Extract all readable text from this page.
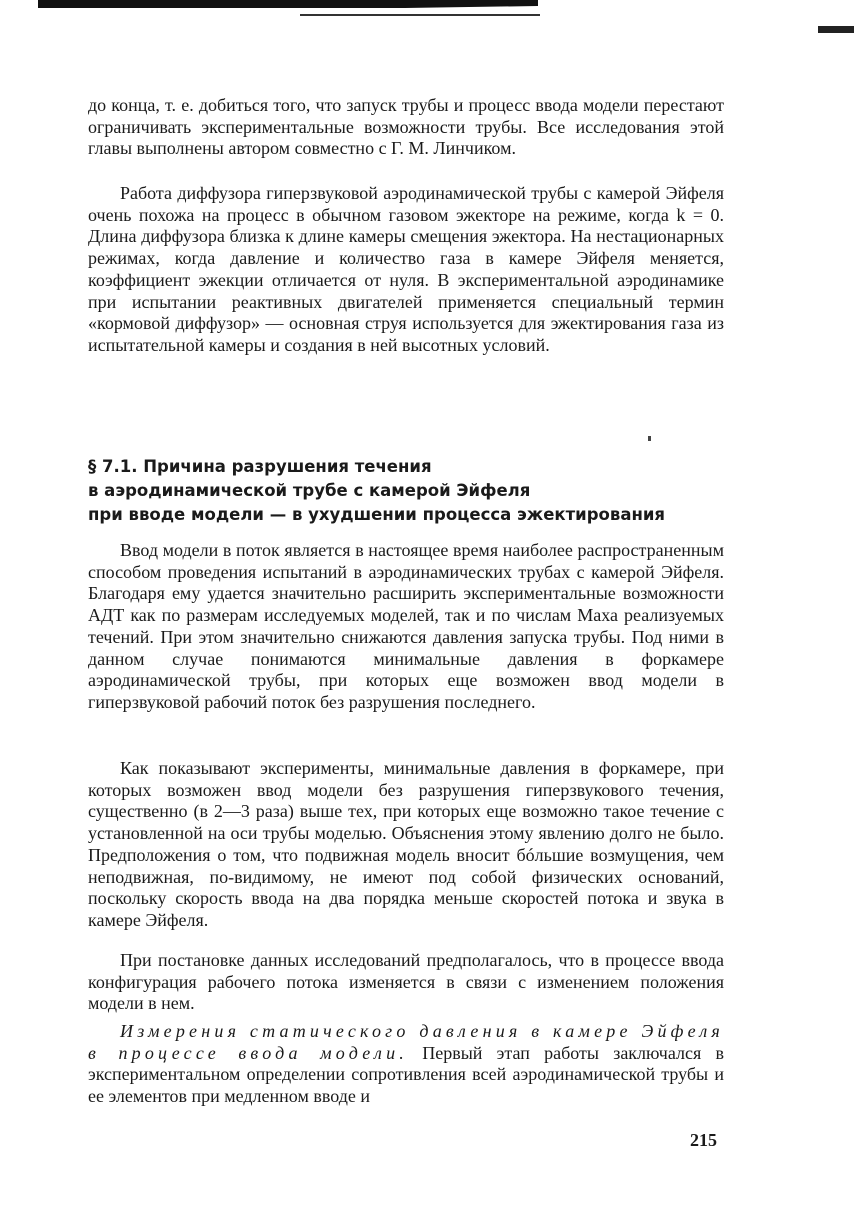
до конца, т. е. добиться того, что запуск трубы и процесс ввода модели перестают ограничивать экспериментальные возможности трубы. Все исследования этой главы выполнены автором совместно с Г. М. Линчиком.

Работа диффузора гиперзвуковой аэродинамической трубы с камерой Эйфеля очень похожа на процесс в обычном газовом эжекторе на режиме, когда k = 0. Длина диффузора близка к длине камеры смещения эжектора. На нестационарных режимах, когда давление и количество газа в камере Эйфеля меняется, коэффициент эжекции отличается от нуля. В экспериментальной аэродинамике при испытании реактивных двигателей применяется специальный термин «кормовой диффузор» — основная струя используется для эжектирования газа из испытательной камеры и создания в ней высотных условий.

§ 7.1. Причина разрушения течения
в аэродинамической трубе с камерой Эйфеля
при вводе модели — в ухудшении процесса эжектирования

Ввод модели в поток является в настоящее время наиболее распространенным способом проведения испытаний в аэродинамических трубах с камерой Эйфеля. Благодаря ему удается значительно расширить экспериментальные возможности АДТ как по размерам исследуемых моделей, так и по числам Маха реализуемых течений. При этом значительно снижаются давления запуска трубы. Под ними в данном случае понимаются минимальные давления в форкамере аэродинамической трубы, при которых еще возможен ввод модели в гиперзвуковой рабочий поток без разрушения последнего.

Как показывают эксперименты, минимальные давления в форкамере, при которых возможен ввод модели без разрушения гиперзвукового течения, существенно (в 2—3 раза) выше тех, при которых еще возможно такое течение с установленной на оси трубы моделью. Объяснения этому явлению долго не было. Предположения о том, что подвижная модель вносит бóльшие возмущения, чем неподвижная, по-видимому, не имеют под собой физических оснований, поскольку скорость ввода на два порядка меньше скоростей потока и звука в камере Эйфеля.

При постановке данных исследований предполагалось, что в процессе ввода конфигурация рабочего потока изменяется в связи с изменением положения модели в нем.

Измерения статического давления в камере Эйфеля в процессе ввода модели. Первый этап работы заключался в экспериментальном определении сопротивления всей аэродинамической трубы и ее элементов при медленном вводе и

215
